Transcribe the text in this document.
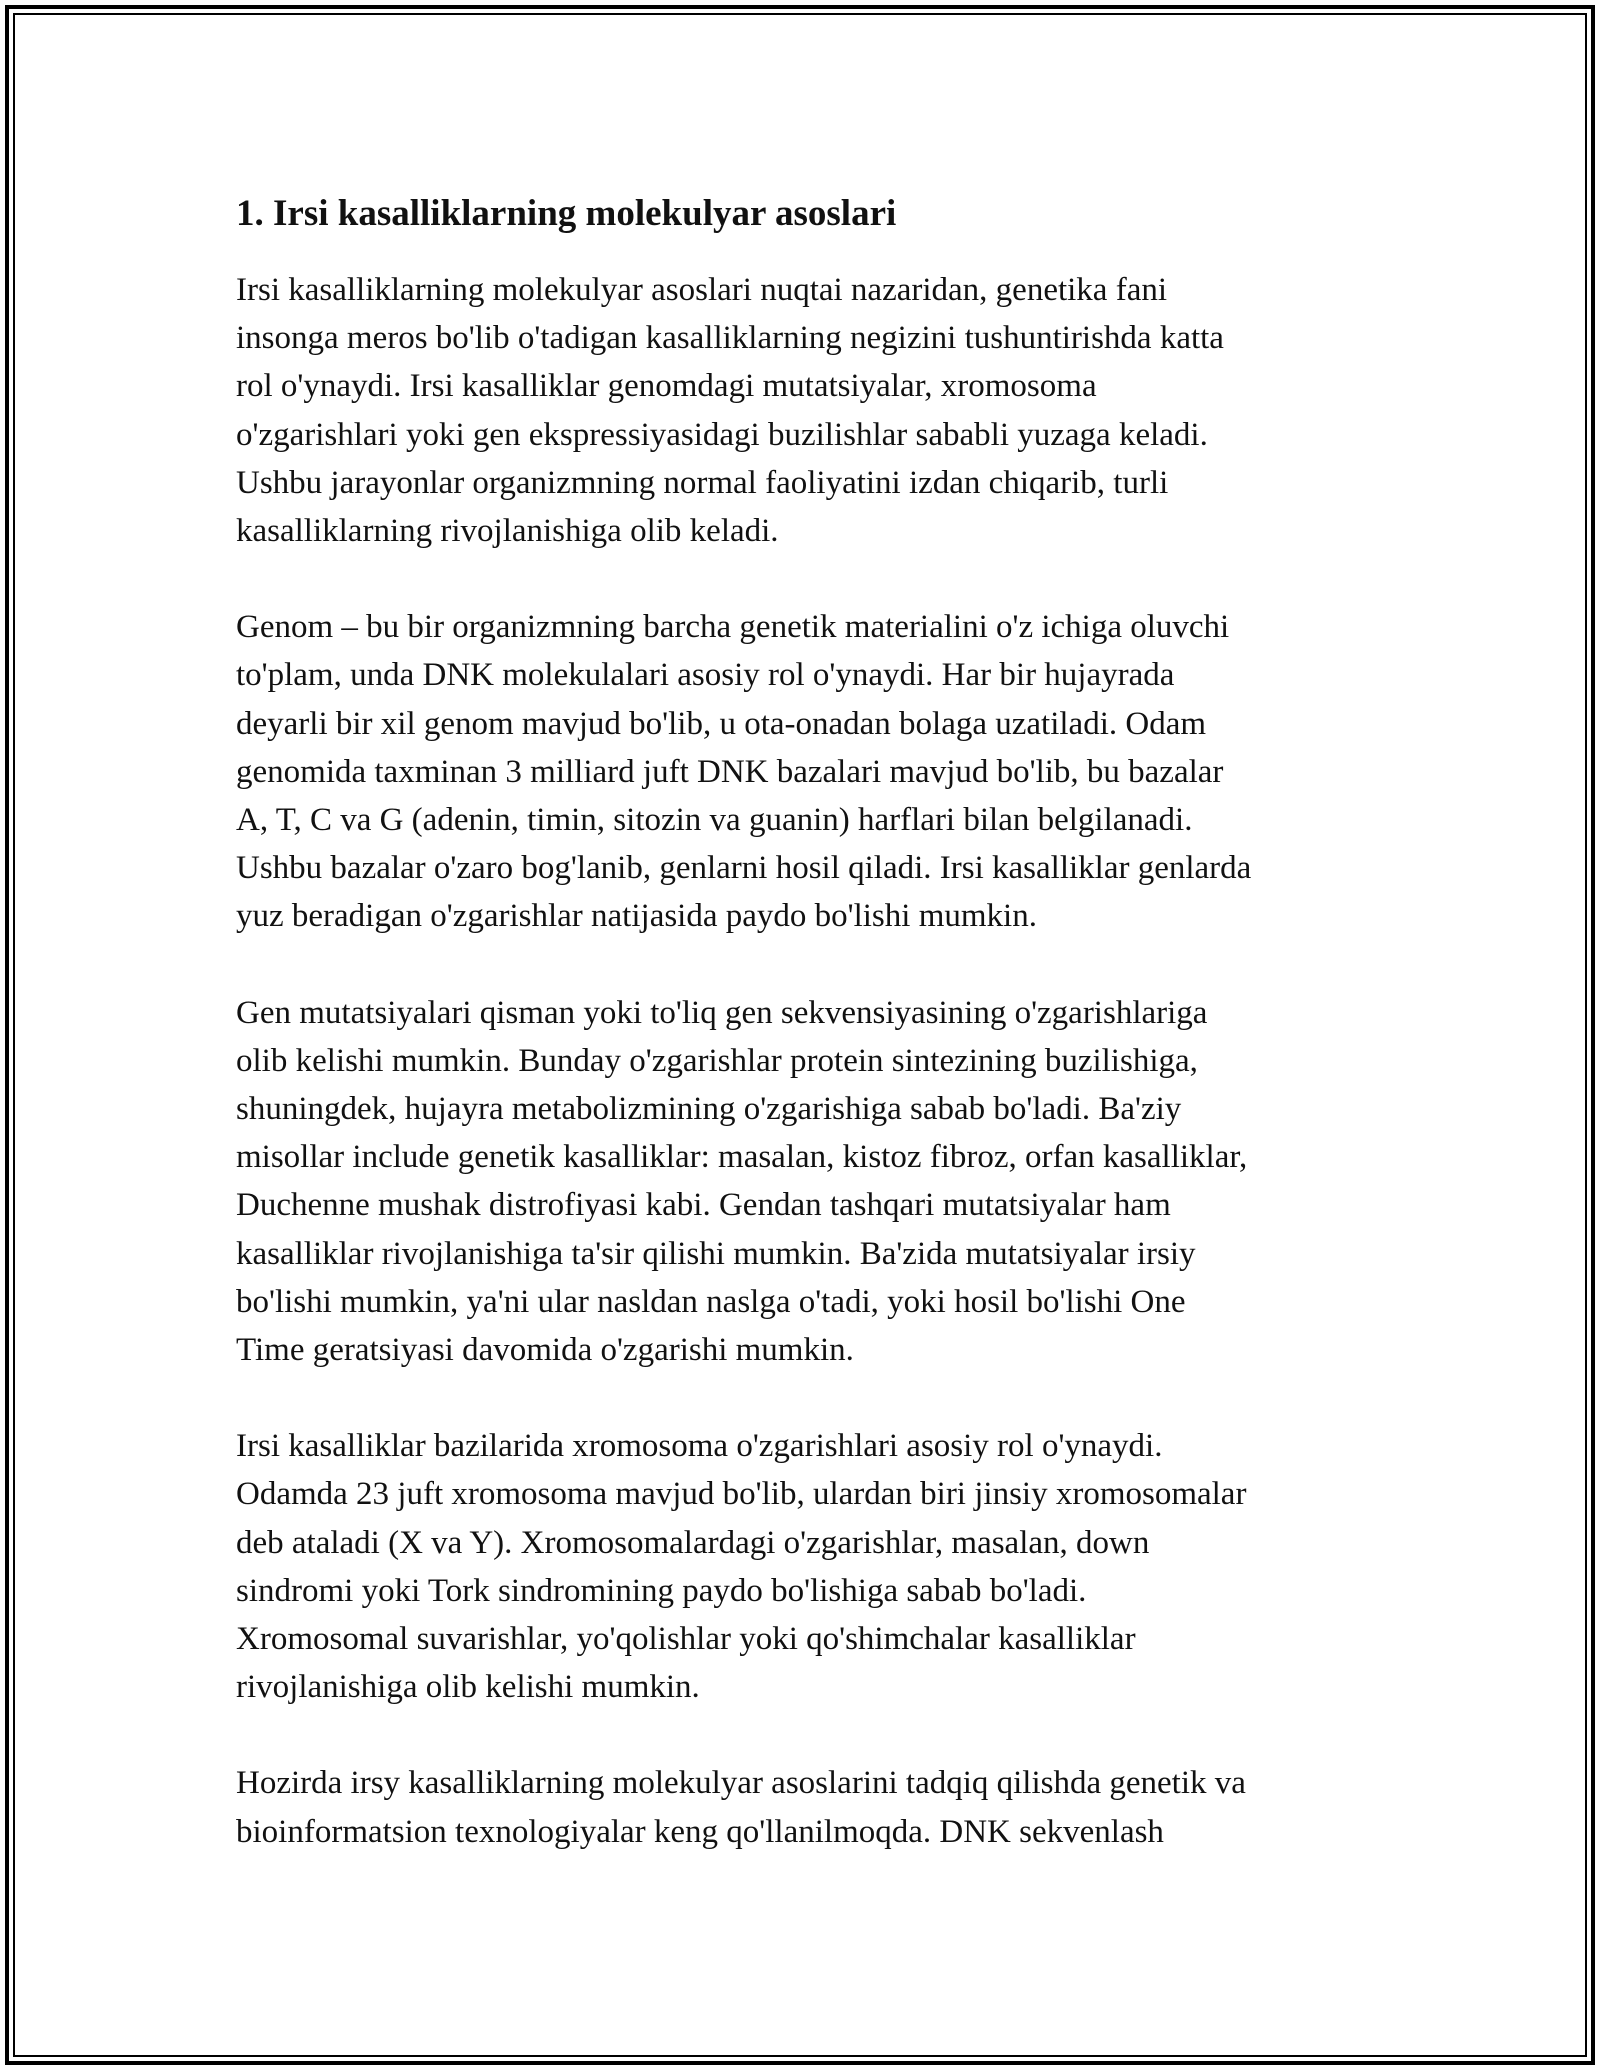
1. Irsi kasalliklarning molekulyar asoslari
Irsi kasalliklarning molekulyar asoslari nuqtai nazaridan, genetika fani
insonga meros bo'lib o'tadigan kasalliklarning negizini tushuntirishda katta
rol o'ynaydi. Irsi kasalliklar genomdagi mutatsiyalar, xromosoma
o'zgarishlari yoki gen ekspressiyasidagi buzilishlar sababli yuzaga keladi.
Ushbu jarayonlar organizmning normal faoliyatini izdan chiqarib, turli
kasalliklarning rivojlanishiga olib keladi.
Genom – bu bir organizmning barcha genetik materialini o'z ichiga oluvchi
to'plam, unda DNK molekulalari asosiy rol o'ynaydi. Har bir hujayrada
deyarli bir xil genom mavjud bo'lib, u ota-onadan bolaga uzatiladi. Odam
genomida taxminan 3 milliard juft DNK bazalari mavjud bo'lib, bu bazalar
A, T, C va G (adenin, timin, sitozin va guanin) harflari bilan belgilanadi.
Ushbu bazalar o'zaro bog'lanib, genlarni hosil qiladi. Irsi kasalliklar genlarda
yuz beradigan o'zgarishlar natijasida paydo bo'lishi mumkin.
Gen mutatsiyalari qisman yoki to'liq gen sekvensiyasining o'zgarishlariga
olib kelishi mumkin. Bunday o'zgarishlar protein sintezining buzilishiga,
shuningdek, hujayra metabolizmining o'zgarishiga sabab bo'ladi. Ba'ziy
misollar include genetik kasalliklar: masalan, kistoz fibroz, orfan kasalliklar,
Duchenne mushak distrofiyasi kabi. Gendan tashqari mutatsiyalar ham
kasalliklar rivojlanishiga ta'sir qilishi mumkin. Ba'zida mutatsiyalar irsiy
bo'lishi mumkin, ya'ni ular nasldan naslga o'tadi, yoki hosil bo'lishi One
Time geratsiyasi davomida o'zgarishi mumkin.
Irsi kasalliklar bazilarida xromosoma o'zgarishlari asosiy rol o'ynaydi.
Odamda 23 juft xromosoma mavjud bo'lib, ulardan biri jinsiy xromosomalar
deb ataladi (X va Y). Xromosomalardagi o'zgarishlar, masalan, down
sindromi yoki Tork sindromining paydo bo'lishiga sabab bo'ladi.
Xromosomal suvarishlar, yo'qolishlar yoki qo'shimchalar kasalliklar
rivojlanishiga olib kelishi mumkin.
Hozirda irsy kasalliklarning molekulyar asoslarini tadqiq qilishda genetik va
bioinformatsion texnologiyalar keng qo'llanilmoqda. DNK sekvenlash
